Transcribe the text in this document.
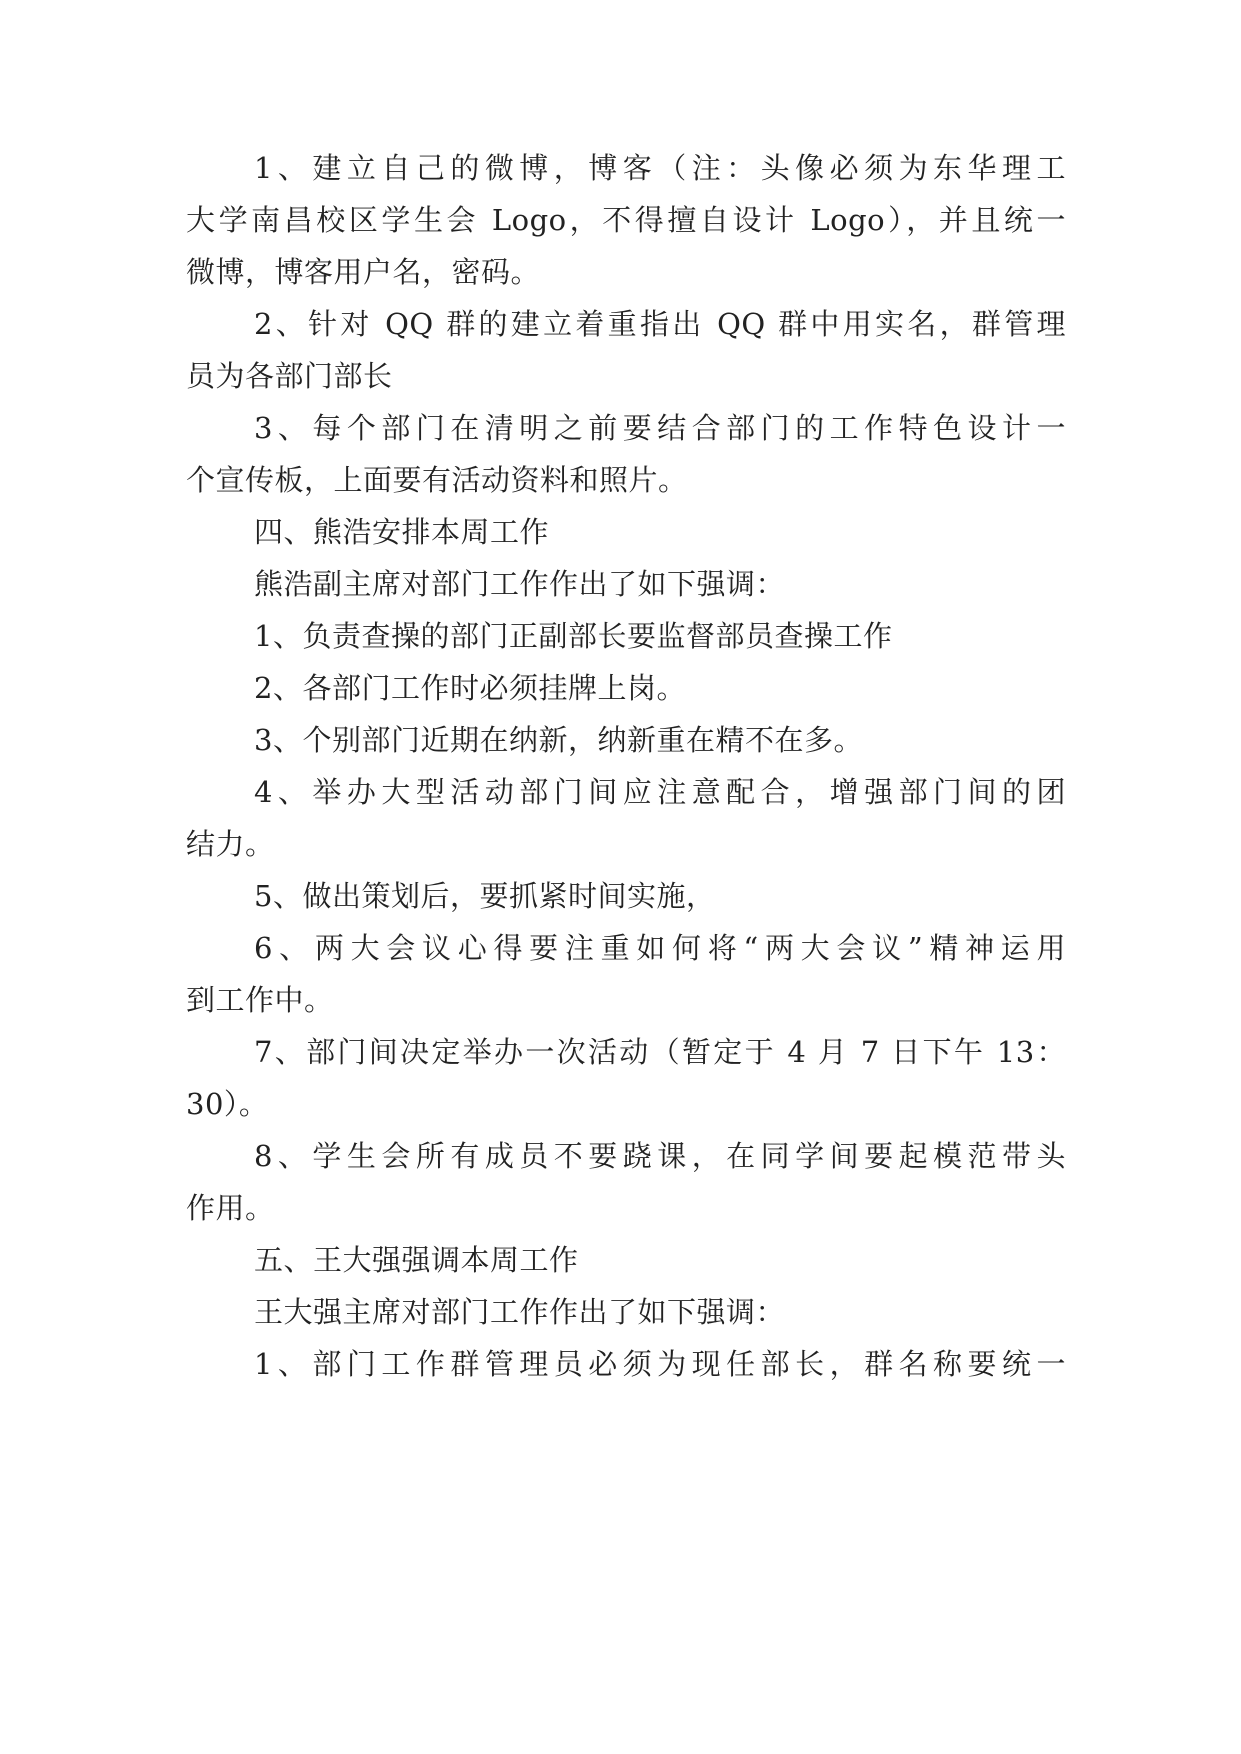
1、建立自己的微博，博客（注：头像必须为东华理工
大学南昌校区学生会 Logo，不得擅自设计 Logo），并且统一
微博，博客用户名，密码。
2、针对 QQ 群的建立着重指出 QQ 群中用实名，群管理
员为各部门部长
3、每个部门在清明之前要结合部门的工作特色设计一
个宣传板，上面要有活动资料和照片。
四、熊浩安排本周工作
熊浩副主席对部门工作作出了如下强调：
1、负责查操的部门正副部长要监督部员查操工作
2、各部门工作时必须挂牌上岗。
3、个别部门近期在纳新，纳新重在精不在多。
4、举办大型活动部门间应注意配合，增强部门间的团
结力。
5、做出策划后，要抓紧时间实施，
6、两大会议心得要注重如何将“两大会议”精神运用
到工作中。
7、部门间决定举办一次活动（暂定于 4 月 7 日下午 13：
30）。
8、学生会所有成员不要跷课，在同学间要起模范带头
作用。
五、王大强强调本周工作
王大强主席对部门工作作出了如下强调：
1、部门工作群管理员必须为现任部长，群名称要统一
